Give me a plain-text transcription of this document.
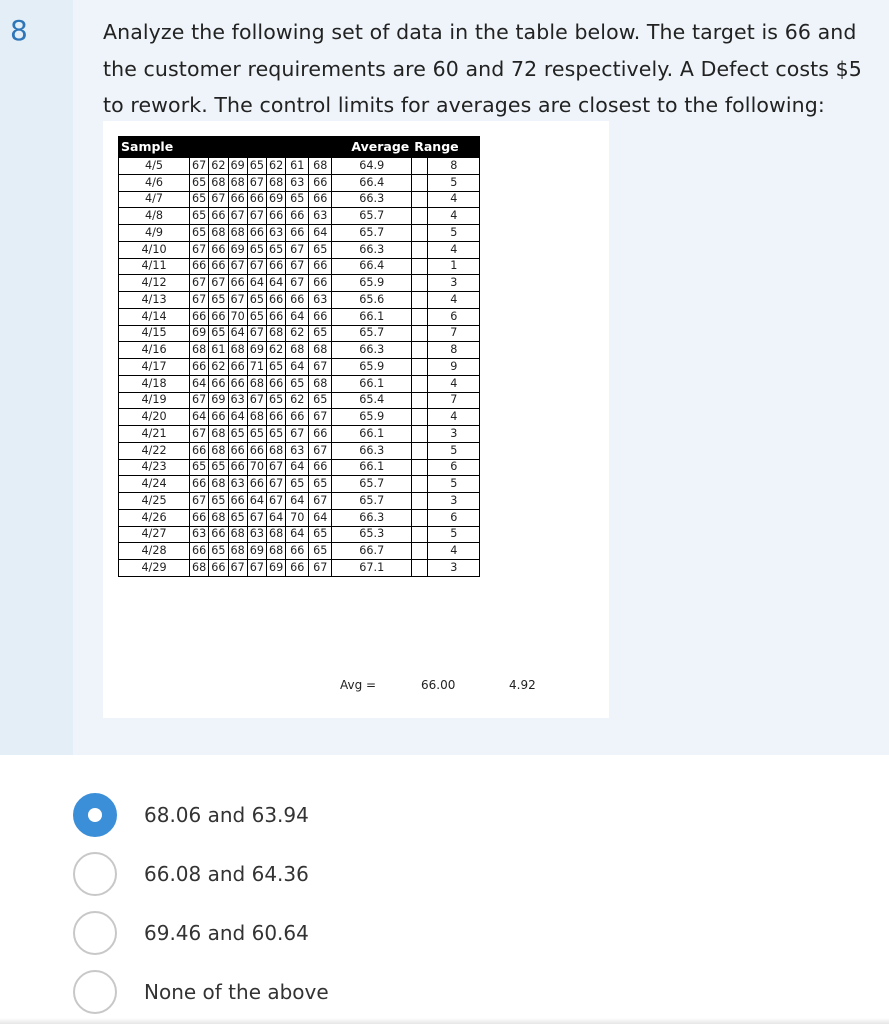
8	Analyze the following set of data in the table below. The target is 66 and the customer requirements are 60 and 72 respectively. A Defect costs $5 to rework. The control limits for averages are closest to the following:
Sample								Average	Range	
4/5	67	62	69	65	62	61	68	64.9		8
4/6	65	68	68	67	68	63	66	66.4		5
4/7	65	67	66	66	69	65	66	66.3		4
4/8	65	66	67	67	66	66	63	65.7		4
4/9	65	68	68	66	63	66	64	65.7		5
4/10	67	66	69	65	65	67	65	66.3		4
4/11	66	66	67	67	66	67	66	66.4		1
4/12	67	67	66	64	64	67	66	65.9		3
4/13	67	65	67	65	66	66	63	65.6		4
4/14	66	66	70	65	66	64	66	66.1		6
4/15	69	65	64	67	68	62	65	65.7		7
4/16	68	61	68	69	62	68	68	66.3		8
4/17	66	62	66	71	65	64	67	65.9		9
4/18	64	66	66	68	66	65	68	66.1		4
4/19	67	69	63	67	65	62	65	65.4		7
4/20	64	66	64	68	66	66	67	65.9		4
4/21	67	68	65	65	65	67	66	66.1		3
4/22	66	68	66	66	68	63	67	66.3		5
4/23	65	65	66	70	67	64	66	66.1		6
4/24	66	68	63	66	67	65	65	65.7		5
4/25	67	65	66	64	67	64	67	65.7		3
4/26	66	68	65	67	64	70	64	66.3		6
4/27	63	66	68	63	68	64	65	65.3		5
4/28	66	65	68	69	68	66	65	66.7		4
4/29	68	66	67	67	69	66	67	67.1		3
Avg =	66.00	4.92
68.06 and 63.94
66.08 and 64.36
69.46 and 60.64
None of the above
